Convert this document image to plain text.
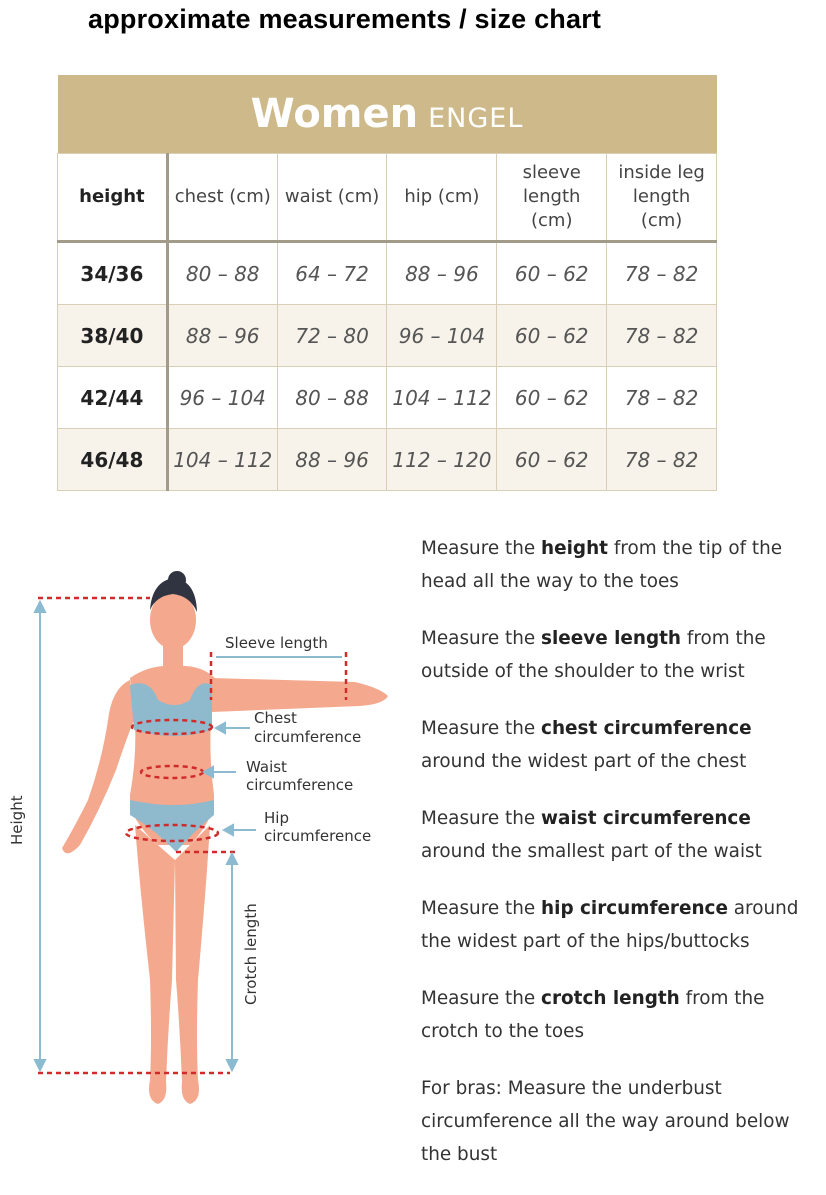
approximate measurements / size chart
Women ENGEL					
height	chest (cm)	waist (cm)	hip (cm)	sleeve length (cm)	inside leg length (cm)
34/36	80 – 88	64 – 72	88 – 96	60 – 62	78 – 82
38/40	88 – 96	72 – 80	96 – 104	60 – 62	78 – 82
42/44	96 – 104	80 – 88	104 – 112	60 – 62	78 – 82
46/48	104 – 112	88 – 96	112 – 120	60 – 62	78 – 82
Sleeve length
Chest
circumference
Waist
circumference
Hip
circumference
Height
Crotch length

Measure the height from the tip of the head all the way to the toes

Measure the sleeve length from the outside of the shoulder to the wrist

Measure the chest circumference around the widest part of the chest

Measure the waist circumference around the smallest part of the waist

Measure the hip circumference around the widest part of the hips/buttocks

Measure the crotch length from the crotch to the toes

For bras: Measure the underbust circumference all the way around below the bust
